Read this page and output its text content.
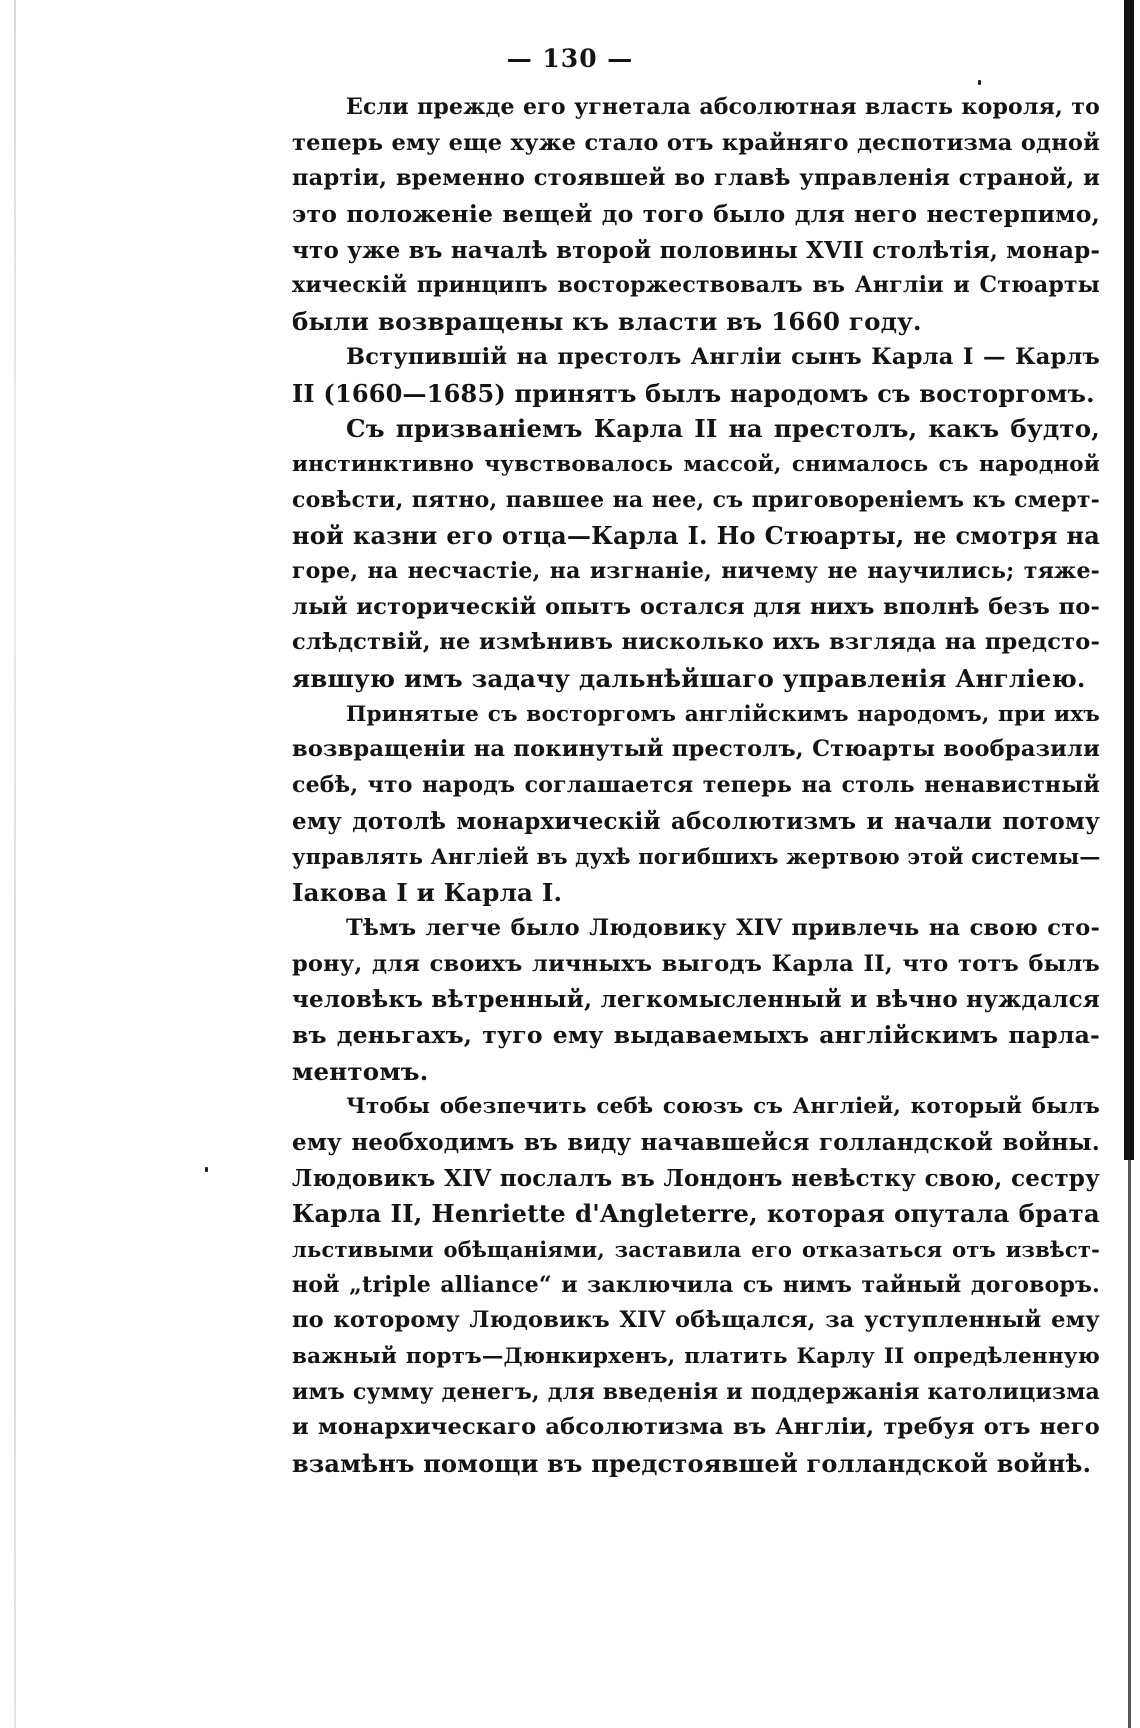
— 130 —
Если прежде его угнетала абсолютная власть короля, то
теперь ему еще хуже стало отъ крайняго деспотизма одной
партіи, временно стоявшей во главѣ управленія страной, и
это положеніе вещей до того было для него нестерпимо,
что уже въ началѣ второй половины XVII столѣтія, монар-
хическій принципъ восторжествовалъ въ Англіи и Стюарты
были возвращены къ власти въ 1660 году.
Вступившій на престолъ Англіи сынъ Карла I — Карлъ
II (1660—1685) принятъ былъ народомъ съ восторгомъ.
Съ призваніемъ Карла II на престолъ, какъ будто,
инстинктивно чувствовалось массой, снималось съ народной
совѣсти, пятно, павшее на нее, съ приговореніемъ къ смерт-
ной казни его отца—Карла I. Но Стюарты, не смотря на
горе, на несчастіе, на изгнаніе, ничему не научились; тяже-
лый историческій опытъ остался для нихъ вполнѣ безъ по-
слѣдствій, не измѣнивъ нисколько ихъ взгляда на предсто-
явшую имъ задачу дальнѣйшаго управленія Англіею.
Принятые съ восторгомъ англійскимъ народомъ, при ихъ
возвращеніи на покинутый престолъ, Стюарты вообразили
себѣ, что народъ соглашается теперь на столь ненавистный
ему дотолѣ монархическій абсолютизмъ и начали потому
управлять Англіей въ духѣ погибшихъ жертвою этой системы—
Іакова I и Карла I.
Тѣмъ легче было Людовику XIV привлечь на свою сто-
рону, для своихъ личныхъ выгодъ Карла II, что тотъ былъ
человѣкъ вѣтренный, легкомысленный и вѣчно нуждался
въ деньгахъ, туго ему выдаваемыхъ англійскимъ парла-
ментомъ.
Чтобы обезпечить себѣ союзъ съ Англіей, который былъ
ему необходимъ въ виду начавшейся голландской войны.
Людовикъ XIV послалъ въ Лондонъ невѣстку свою, сестру
Карла II, Henriette d'Angleterre, которая опутала брата
льстивыми обѣщаніями, заставила его отказаться отъ извѣст-
ной „triple alliance“ и заключила съ нимъ тайный договоръ.
по которому Людовикъ XIV обѣщался, за уступленный ему
важный портъ—Дюнкирхенъ, платить Карлу II опредѣленную
имъ сумму денегъ, для введенія и поддержанія католицизма
и монархическаго абсолютизма въ Англіи, требуя отъ него
взамѣнъ помощи въ предстоявшей голландской войнѣ.
